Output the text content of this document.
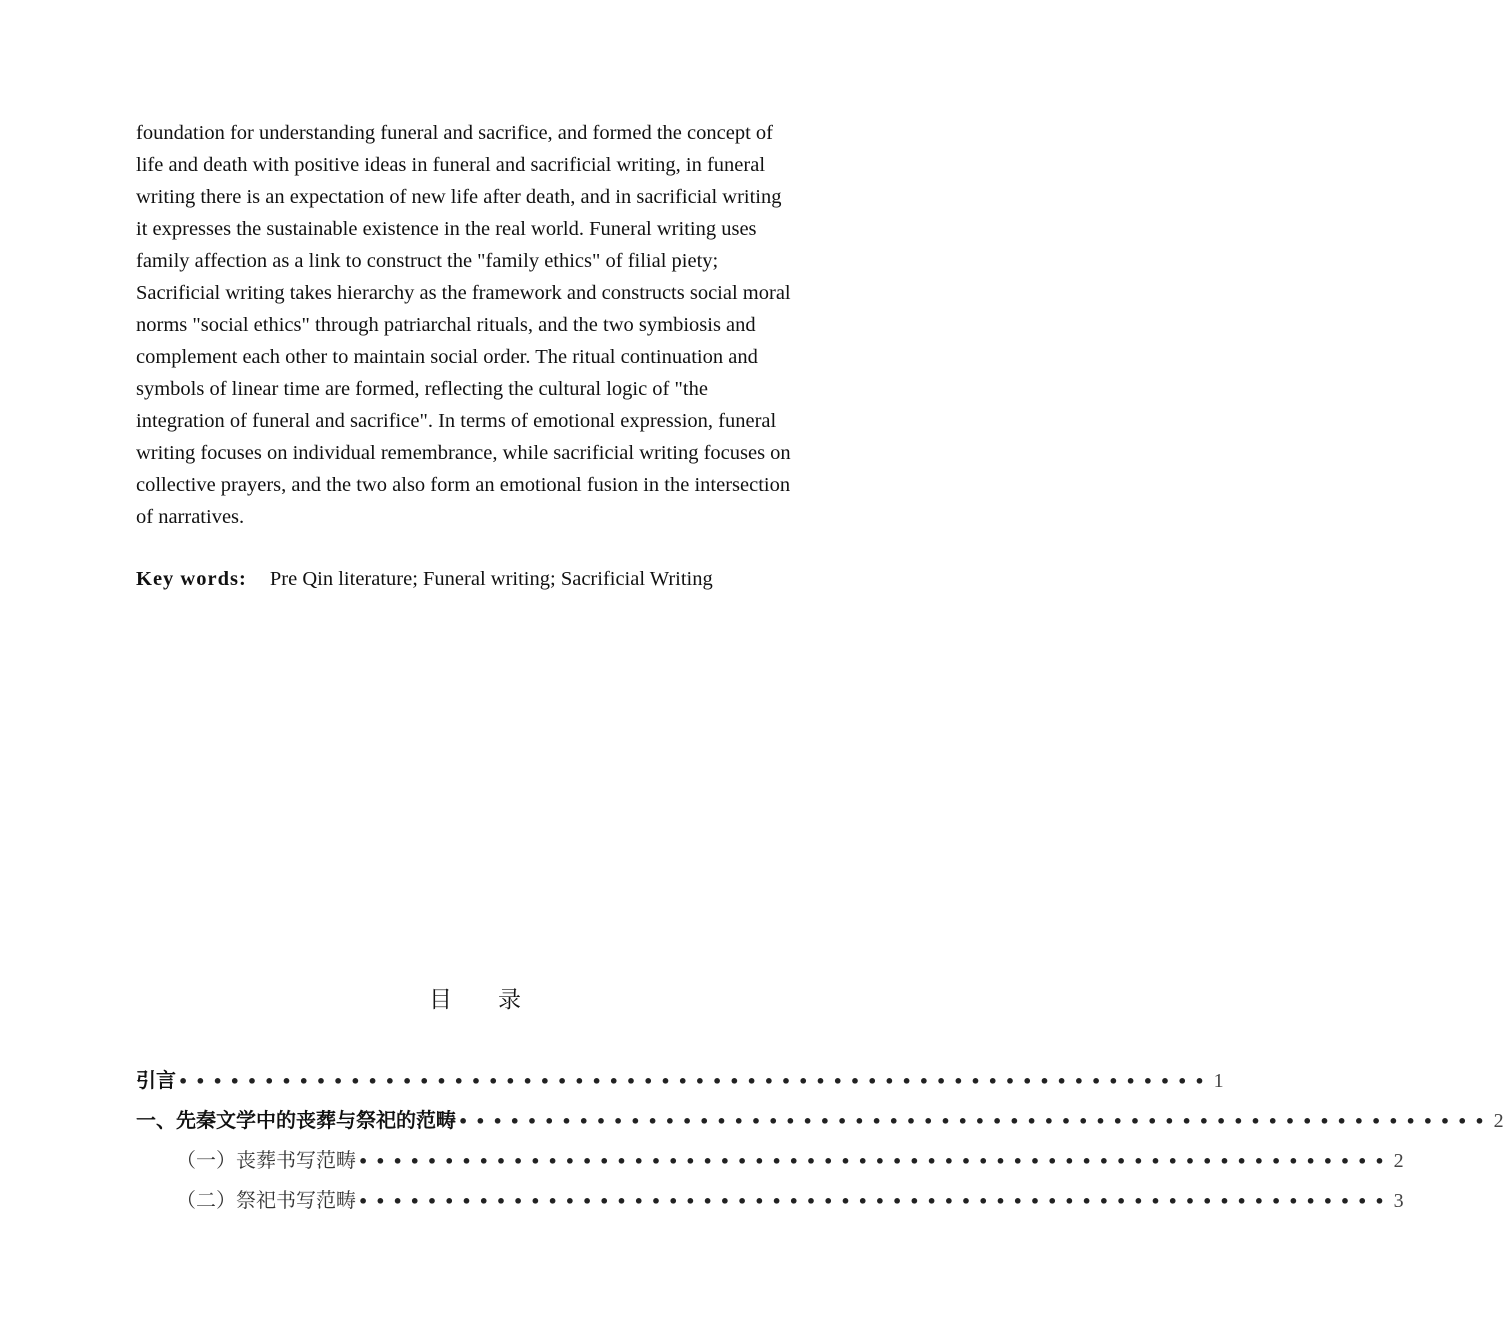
foundation for understanding funeral and sacrifice, and formed the concept of
life and death with positive ideas in funeral and sacrificial writing, in funeral
writing there is an expectation of new life after death, and in sacrificial writing
it expresses the sustainable existence in the real world. Funeral writing uses
family affection as a link to construct the "family ethics" of filial piety;
Sacrificial writing takes hierarchy as the framework and constructs social moral
norms "social ethics" through patriarchal rituals, and the two symbiosis and
complement each other to maintain social order. The ritual continuation and
symbols of linear time are formed, reflecting the cultural logic of "the
integration of funeral and sacrifice". In terms of emotional expression, funeral
writing focuses on individual remembrance, while sacrificial writing focuses on
collective prayers, and the two also form an emotional fusion in the intersection
of narratives.
Key words: Pre Qin literature; Funeral writing; Sacrificial Writing
目录
引言 •••••••••••••••••••••••••••••••••••••••••••••••••••••••••••• 1
一、先秦文学中的丧葬与祭祀的范畴 •••••••••••••••••••••••••••••••••••••••••••••••••••••••••••• 2
（一）丧葬书写范畴 •••••••••••••••••••••••••••••••••••••••••••••••••••••••••••• 2
（二）祭祀书写范畴 •••••••••••••••••••••••••••••••••••••••••••••••••••••••••••• 3
